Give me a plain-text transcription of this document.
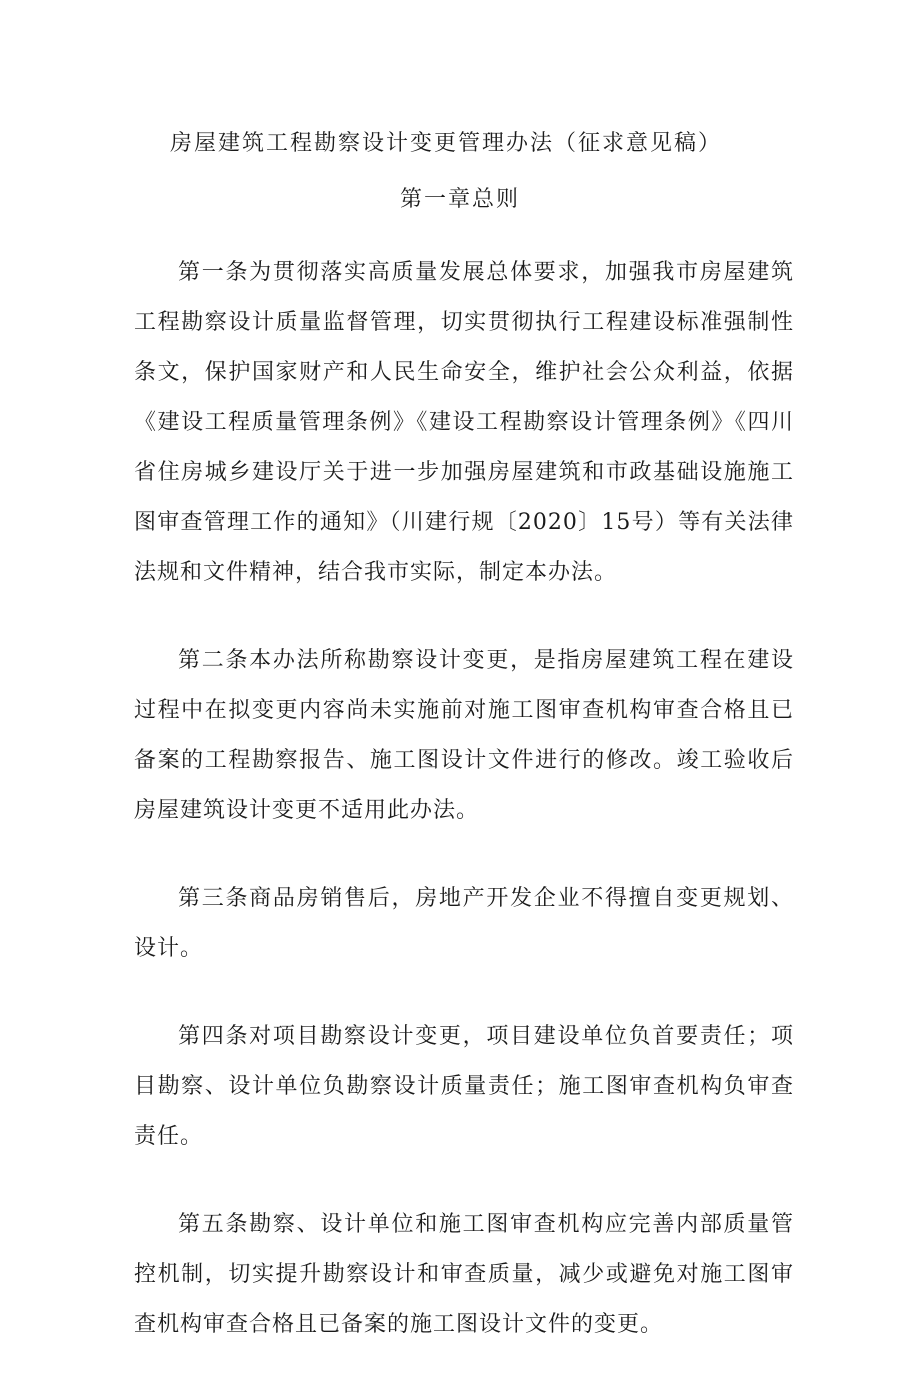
房屋建筑工程勘察设计变更管理办法（征求意见稿）
第一章总则

第一条为贯彻落实高质量发展总体要求，加强我市房屋建筑工程勘察设计质量监督管理，切实贯彻执行工程建设标准强制性条文，保护国家财产和人民生命安全，维护社会公众利益，依据《建设工程质量管理条例》《建设工程勘察设计管理条例》《四川省住房城乡建设厅关于进一步加强房屋建筑和市政基础设施施工图审查管理工作的通知》（川建行规〔2020〕15号）等有关法律法规和文件精神，结合我市实际，制定本办法。

第二条本办法所称勘察设计变更，是指房屋建筑工程在建设过程中在拟变更内容尚未实施前对施工图审查机构审查合格且已备案的工程勘察报告、施工图设计文件进行的修改。竣工验收后房屋建筑设计变更不适用此办法。

第三条商品房销售后，房地产开发企业不得擅自变更规划、设计。

第四条对项目勘察设计变更，项目建设单位负首要责任；项目勘察、设计单位负勘察设计质量责任；施工图审查机构负审查责任。

第五条勘察、设计单位和施工图审查机构应完善内部质量管控机制，切实提升勘察设计和审查质量，减少或避免对施工图审查机构审查合格且已备案的施工图设计文件的变更。
